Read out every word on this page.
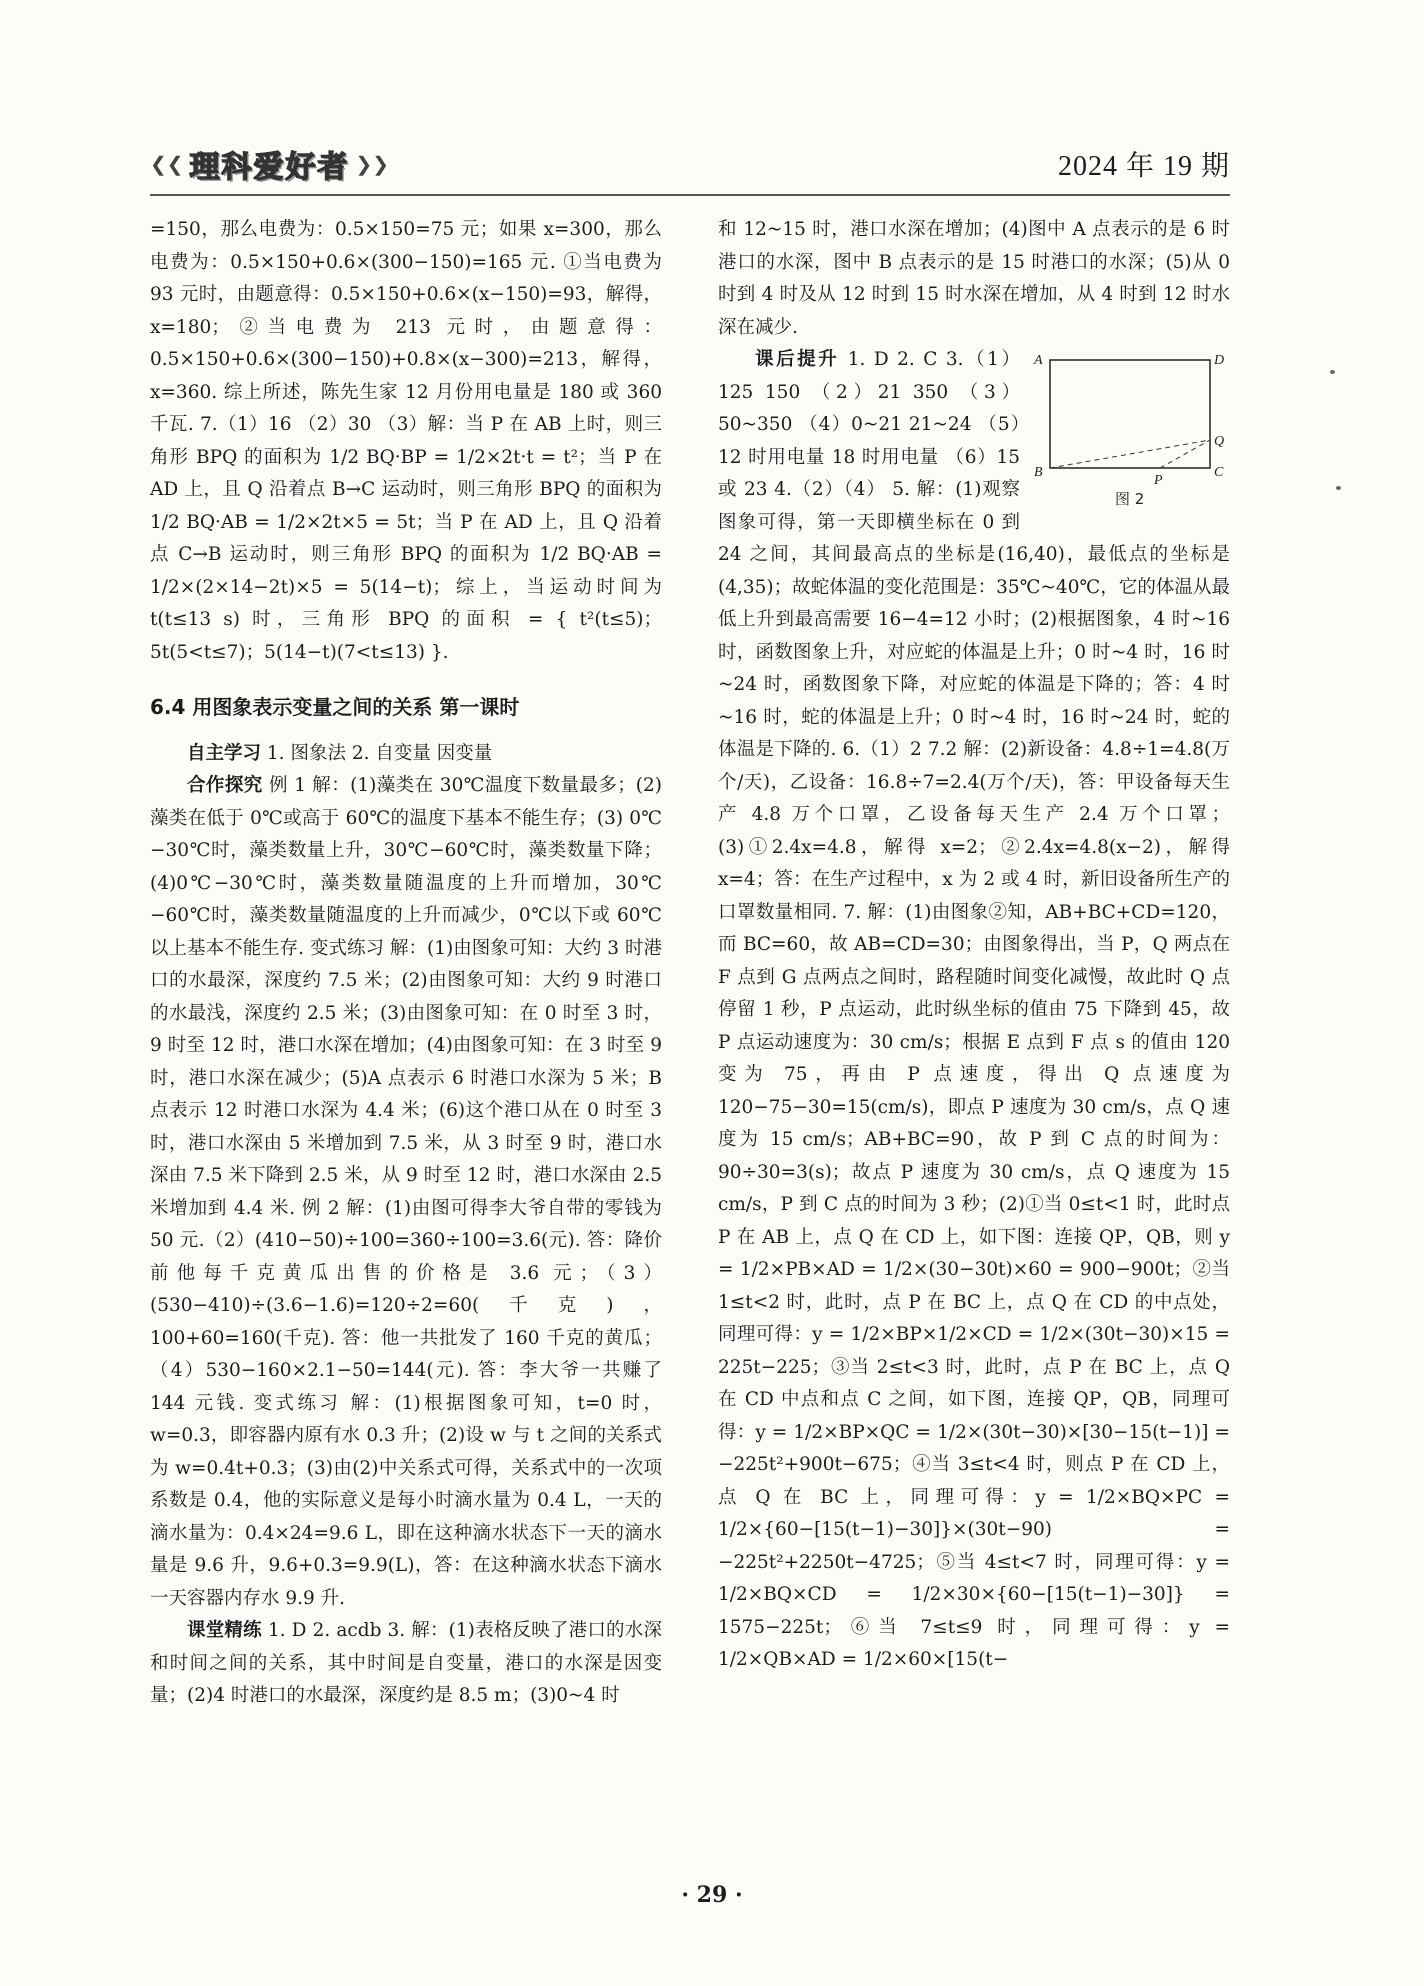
❮❮ 理科爱好者 ❯❯	2024 年 19 期

=150，那么电费为：0.5×150=75 元；如果 x=300，那么电费为：0.5×150+0.6×(300−150)=165 元. ①当电费为 93 元时，由题意得：0.5×150+0.6×(x−150)=93，解得，x=180；②当电费为 213 元时，由题意得：0.5×150+0.6×(300−150)+0.8×(x−300)=213，解得，x=360. 综上所述，陈先生家 12 月份用电量是 180 或 360 千瓦. 7.（1）16 （2）30 （3）解：当 P 在 AB 上时，则三角形 BPQ 的面积为 1/2 BQ·BP = 1/2×2t·t = t²；当 P 在 AD 上，且 Q 沿着点 B→C 运动时，则三角形 BPQ 的面积为 1/2 BQ·AB = 1/2×2t×5 = 5t；当 P 在 AD 上，且 Q 沿着点 C→B 运动时，则三角形 BPQ 的面积为 1/2 BQ·AB = 1/2×(2×14−2t)×5 = 5(14−t)；综上，当运动时间为 t(t≤13 s) 时，三角形 BPQ 的面积 = { t²(t≤5)；5t(5<t≤7)；5(14−t)(7<t≤13) }.

6.4 用图象表示变量之间的关系 第一课时

自主学习 1. 图象法 2. 自变量 因变量

合作探究 例 1 解：(1)藻类在 30℃温度下数量最多；(2)藻类在低于 0℃或高于 60℃的温度下基本不能生存；(3) 0℃−30℃时，藻类数量上升，30℃−60℃时，藻类数量下降；(4)0℃−30℃时，藻类数量随温度的上升而增加，30℃−60℃时，藻类数量随温度的上升而减少，0℃以下或 60℃以上基本不能生存. 变式练习 解：(1)由图象可知：大约 3 时港口的水最深，深度约 7.5 米；(2)由图象可知：大约 9 时港口的水最浅，深度约 2.5 米；(3)由图象可知：在 0 时至 3 时，9 时至 12 时，港口水深在增加；(4)由图象可知：在 3 时至 9 时，港口水深在减少；(5)A 点表示 6 时港口水深为 5 米；B 点表示 12 时港口水深为 4.4 米；(6)这个港口从在 0 时至 3 时，港口水深由 5 米增加到 7.5 米，从 3 时至 9 时，港口水深由 7.5 米下降到 2.5 米，从 9 时至 12 时，港口水深由 2.5 米增加到 4.4 米. 例 2 解：(1)由图可得李大爷自带的零钱为 50 元.（2）(410−50)÷100=360÷100=3.6(元). 答：降价前他每千克黄瓜出售的价格是 3.6 元；（3）(530−410)÷(3.6−1.6)=120÷2=60(千克)，100+60=160(千克). 答：他一共批发了 160 千克的黄瓜；（4）530−160×2.1−50=144(元). 答：李大爷一共赚了 144 元钱. 变式练习 解：(1)根据图象可知，t=0 时，w=0.3，即容器内原有水 0.3 升；(2)设 w 与 t 之间的关系式为 w=0.4t+0.3；(3)由(2)中关系式可得，关系式中的一次项系数是 0.4，他的实际意义是每小时滴水量为 0.4 L，一天的滴水量为：0.4×24=9.6 L，即在这种滴水状态下一天的滴水量是 9.6 升，9.6+0.3=9.9(L)，答：在这种滴水状态下滴水一天容器内存水 9.9 升.

课堂精练 1. D 2. acdb 3. 解：(1)表格反映了港口的水深和时间之间的关系，其中时间是自变量，港口的水深是因变量；(2)4 时港口的水最深，深度约是 8.5 m；(3)0~4 时

和 12~15 时，港口水深在增加；(4)图中 A 点表示的是 6 时港口的水深，图中 B 点表示的是 15 时港口的水深；(5)从 0 时到 4 时及从 12 时到 15 时水深在增加，从 4 时到 12 时水深在减少.

课后提升	A	D
Q
B
P
C
图 2
1. D 2. C 3.（1）125 150 （2）21 350 （3）50~350 （4）0~21 21~24 （5）12 时用电量 18 时用电量 （6）15 或 23 4.（2）（4） 5. 解：(1)观察图象可得，第一天即横坐标在 0 到 24 之间，其间最高点的坐标是(16,40)，最低点的坐标是(4,35)；故蛇体温的变化范围是：35℃~40℃，它的体温从最低上升到最高需要 16−4=12 小时；(2)根据图象，4 时~16 时，函数图象上升，对应蛇的体温是上升；0 时~4 时，16 时~24 时，函数图象下降，对应蛇的体温是下降的；答：4 时~16 时，蛇的体温是上升；0 时~4 时，16 时~24 时，蛇的体温是下降的. 6.（1）2 7.2 解：(2)新设备：4.8÷1=4.8(万个/天)，乙设备：16.8÷7=2.4(万个/天)，答：甲设备每天生产 4.8 万个口罩，乙设备每天生产 2.4 万个口罩；(3)①2.4x=4.8，解得 x=2；②2.4x=4.8(x−2)，解得 x=4；答：在生产过程中，x 为 2 或 4 时，新旧设备所生产的口罩数量相同. 7. 解：(1)由图象②知，AB+BC+CD=120，而 BC=60，故 AB=CD=30；由图象得出，当 P，Q 两点在 F 点到 G 点两点之间时，路程随时间变化减慢，故此时 Q 点停留 1 秒，P 点运动，此时纵坐标的值由 75 下降到 45，故 P 点运动速度为：30 cm/s；根据 E 点到 F 点 s 的值由 120 变为 75，再由 P 点速度，得出 Q 点速度为 120−75−30=15(cm/s)，即点 P 速度为 30 cm/s，点 Q 速度为 15 cm/s；AB+BC=90，故 P 到 C 点的时间为：90÷30=3(s)；故点 P 速度为 30 cm/s，点 Q 速度为 15 cm/s，P 到 C 点的时间为 3 秒；(2)①当 0≤t<1 时，此时点 P 在 AB 上，点 Q 在 CD 上，如下图：连接 QP，QB，则 y = 1/2×PB×AD = 1/2×(30−30t)×60 = 900−900t；②当 1≤t<2 时，此时，点 P 在 BC 上，点 Q 在 CD 的中点处，同理可得：y = 1/2×BP×1/2×CD = 1/2×(30t−30)×15 = 225t−225；③当 2≤t<3 时，此时，点 P 在 BC 上，点 Q 在 CD 中点和点 C 之间，如下图，连接 QP，QB，同理可得：y = 1/2×BP×QC = 1/2×(30t−30)×[30−15(t−1)] = −225t²+900t−675；④当 3≤t<4 时，则点 P 在 CD 上，点 Q 在 BC 上，同理可得：y = 1/2×BQ×PC = 1/2×{60−[15(t−1)−30]}×(30t−90) = −225t²+2250t−4725；⑤当 4≤t<7 时，同理可得：y = 1/2×BQ×CD = 1/2×30×{60−[15(t−1)−30]} = 1575−225t；⑥当 7≤t≤9 时，同理可得：y = 1/2×QB×AD = 1/2×60×[15(t−

· 29 ·
